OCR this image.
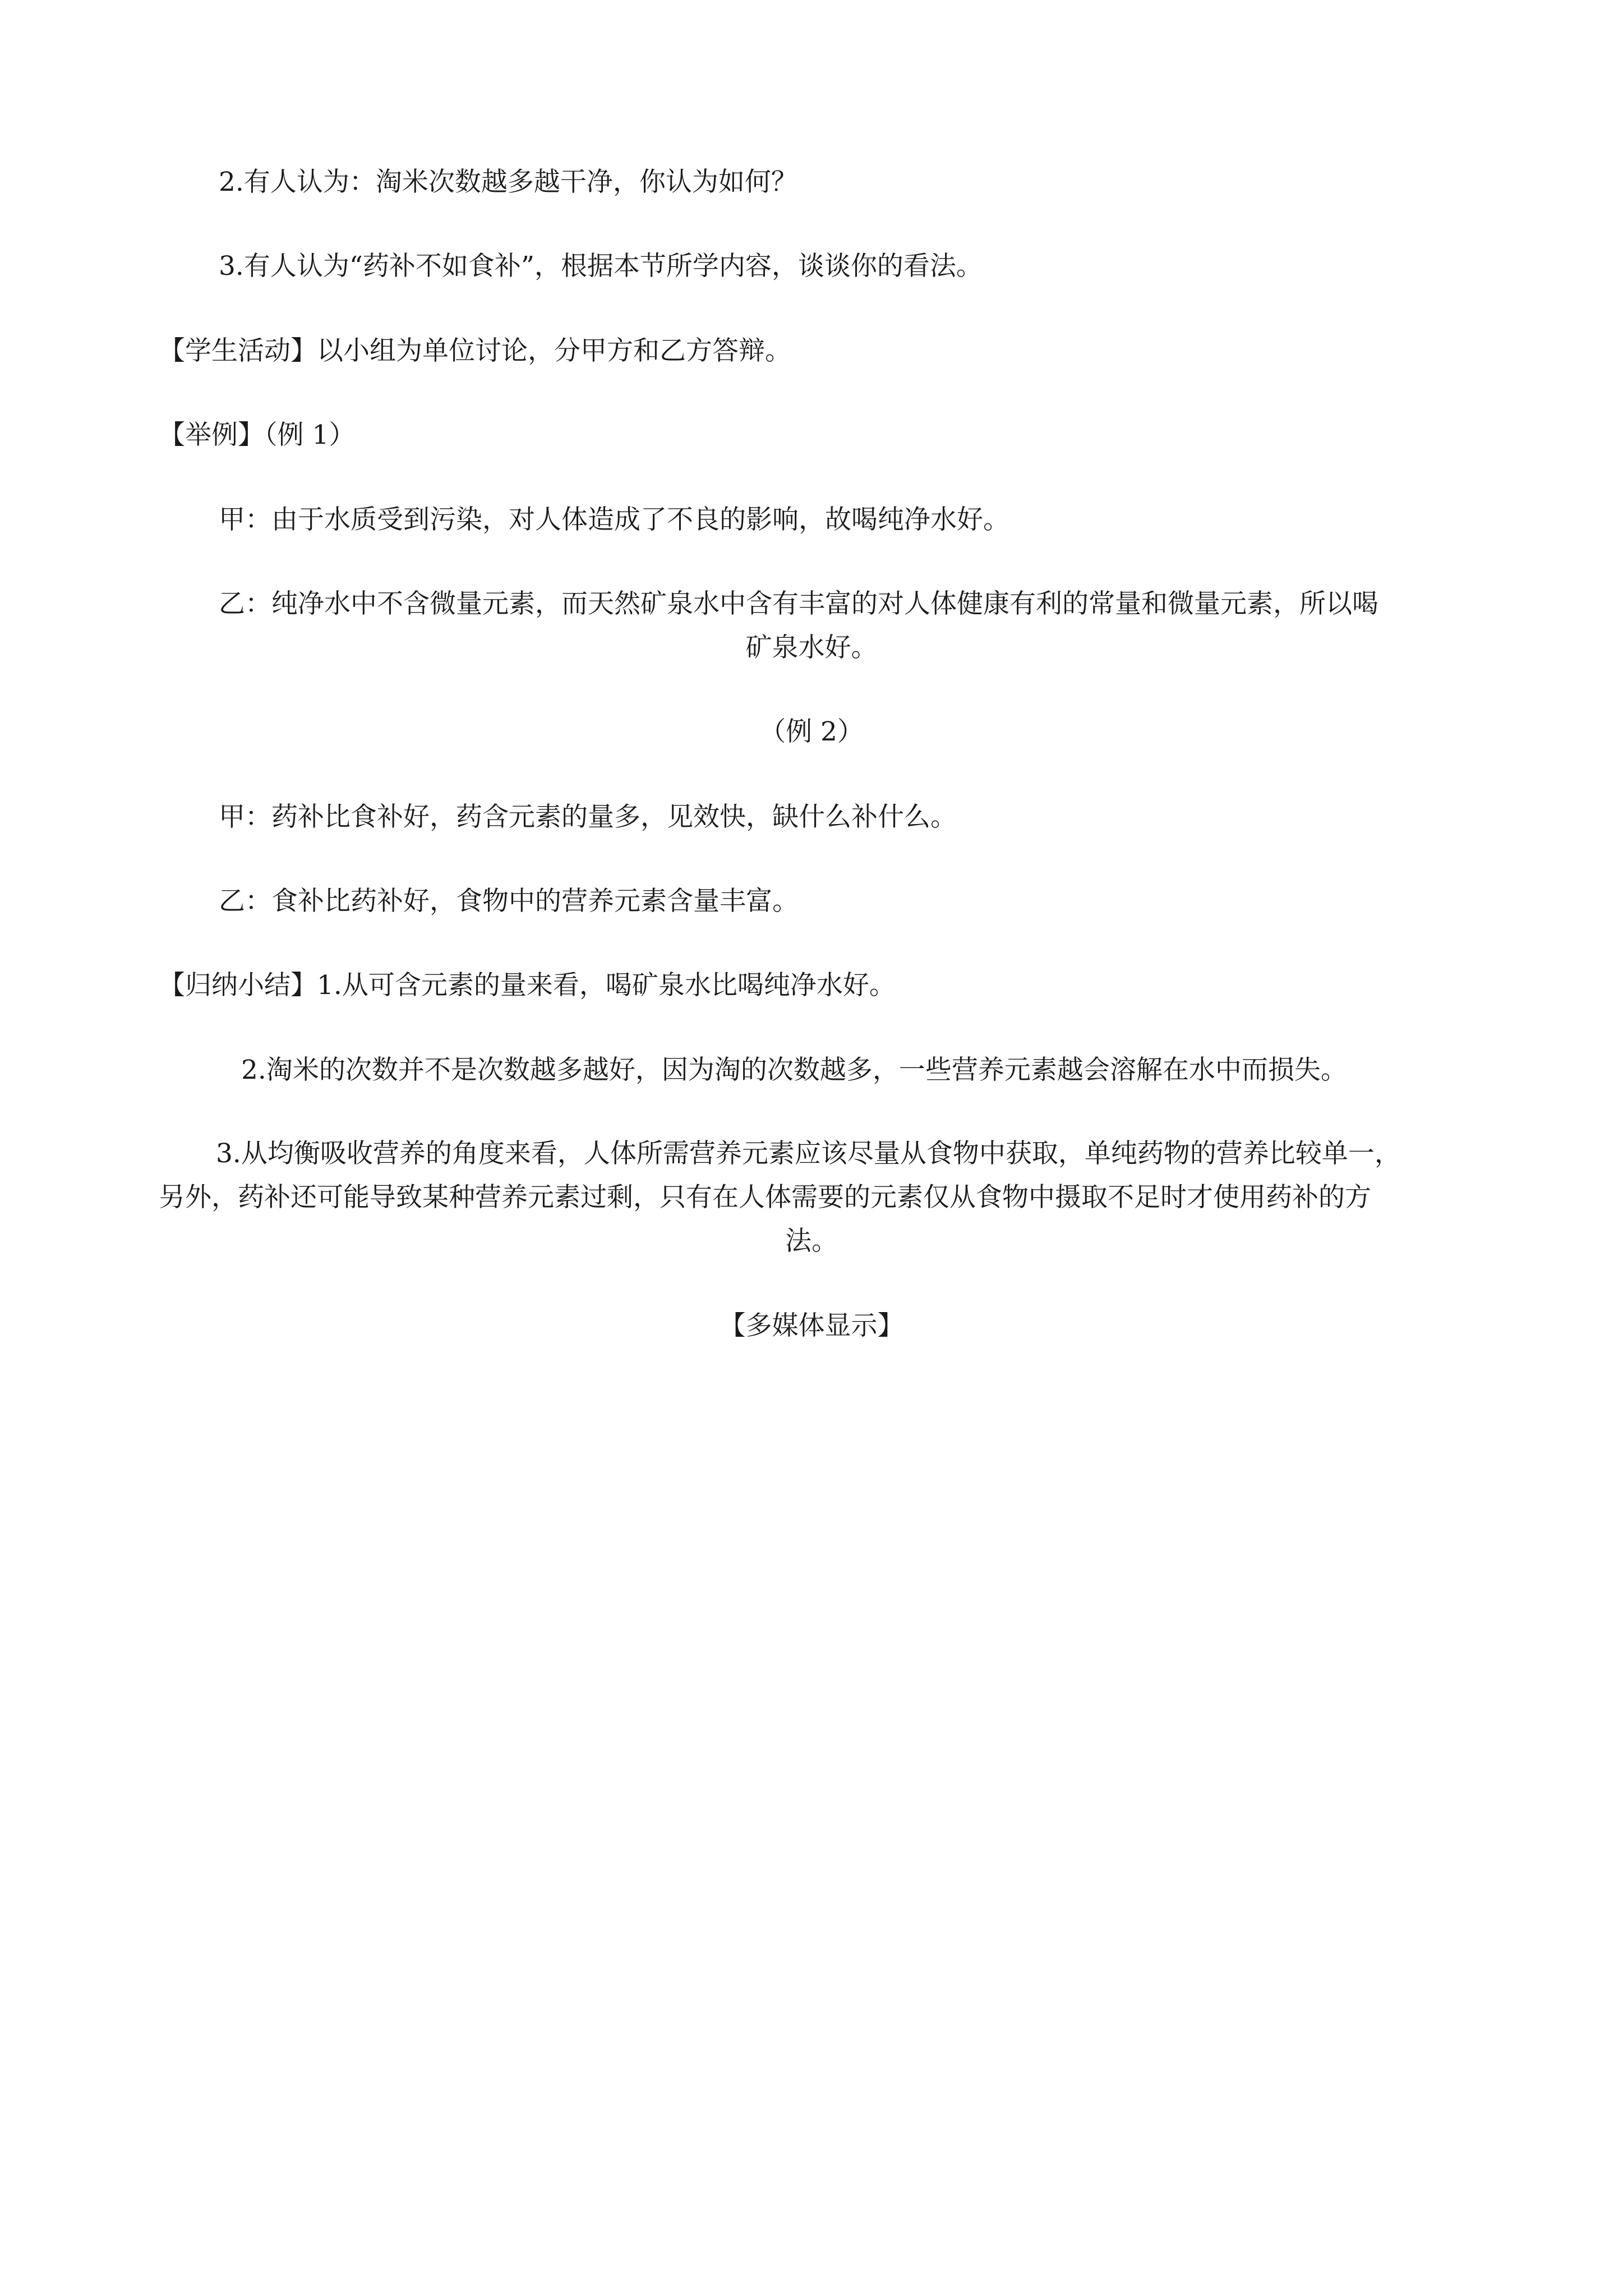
2.有人认为：淘米次数越多越干净，你认为如何？

3.有人认为“药补不如食补”，根据本节所学内容，谈谈你的看法。

【学生活动】以小组为单位讨论，分甲方和乙方答辩。

【举例】（例 1）

甲：由于水质受到污染，对人体造成了不良的影响，故喝纯净水好。

乙：纯净水中不含微量元素，而天然矿泉水中含有丰富的对人体健康有利的常量和微量元素，所以喝

矿泉水好。

（例 2）

甲：药补比食补好，药含元素的量多，见效快，缺什么补什么。

乙：食补比药补好，食物中的营养元素含量丰富。

【归纳小结】1.从可含元素的量来看，喝矿泉水比喝纯净水好。

2.淘米的次数并不是次数越多越好，因为淘的次数越多，一些营养元素越会溶解在水中而损失。

3.从均衡吸收营养的角度来看，人体所需营养元素应该尽量从食物中获取，单纯药物的营养比较单一，

另外，药补还可能导致某种营养元素过剩，只有在人体需要的元素仅从食物中摄取不足时才使用药补的方

法。

【多媒体显示】
